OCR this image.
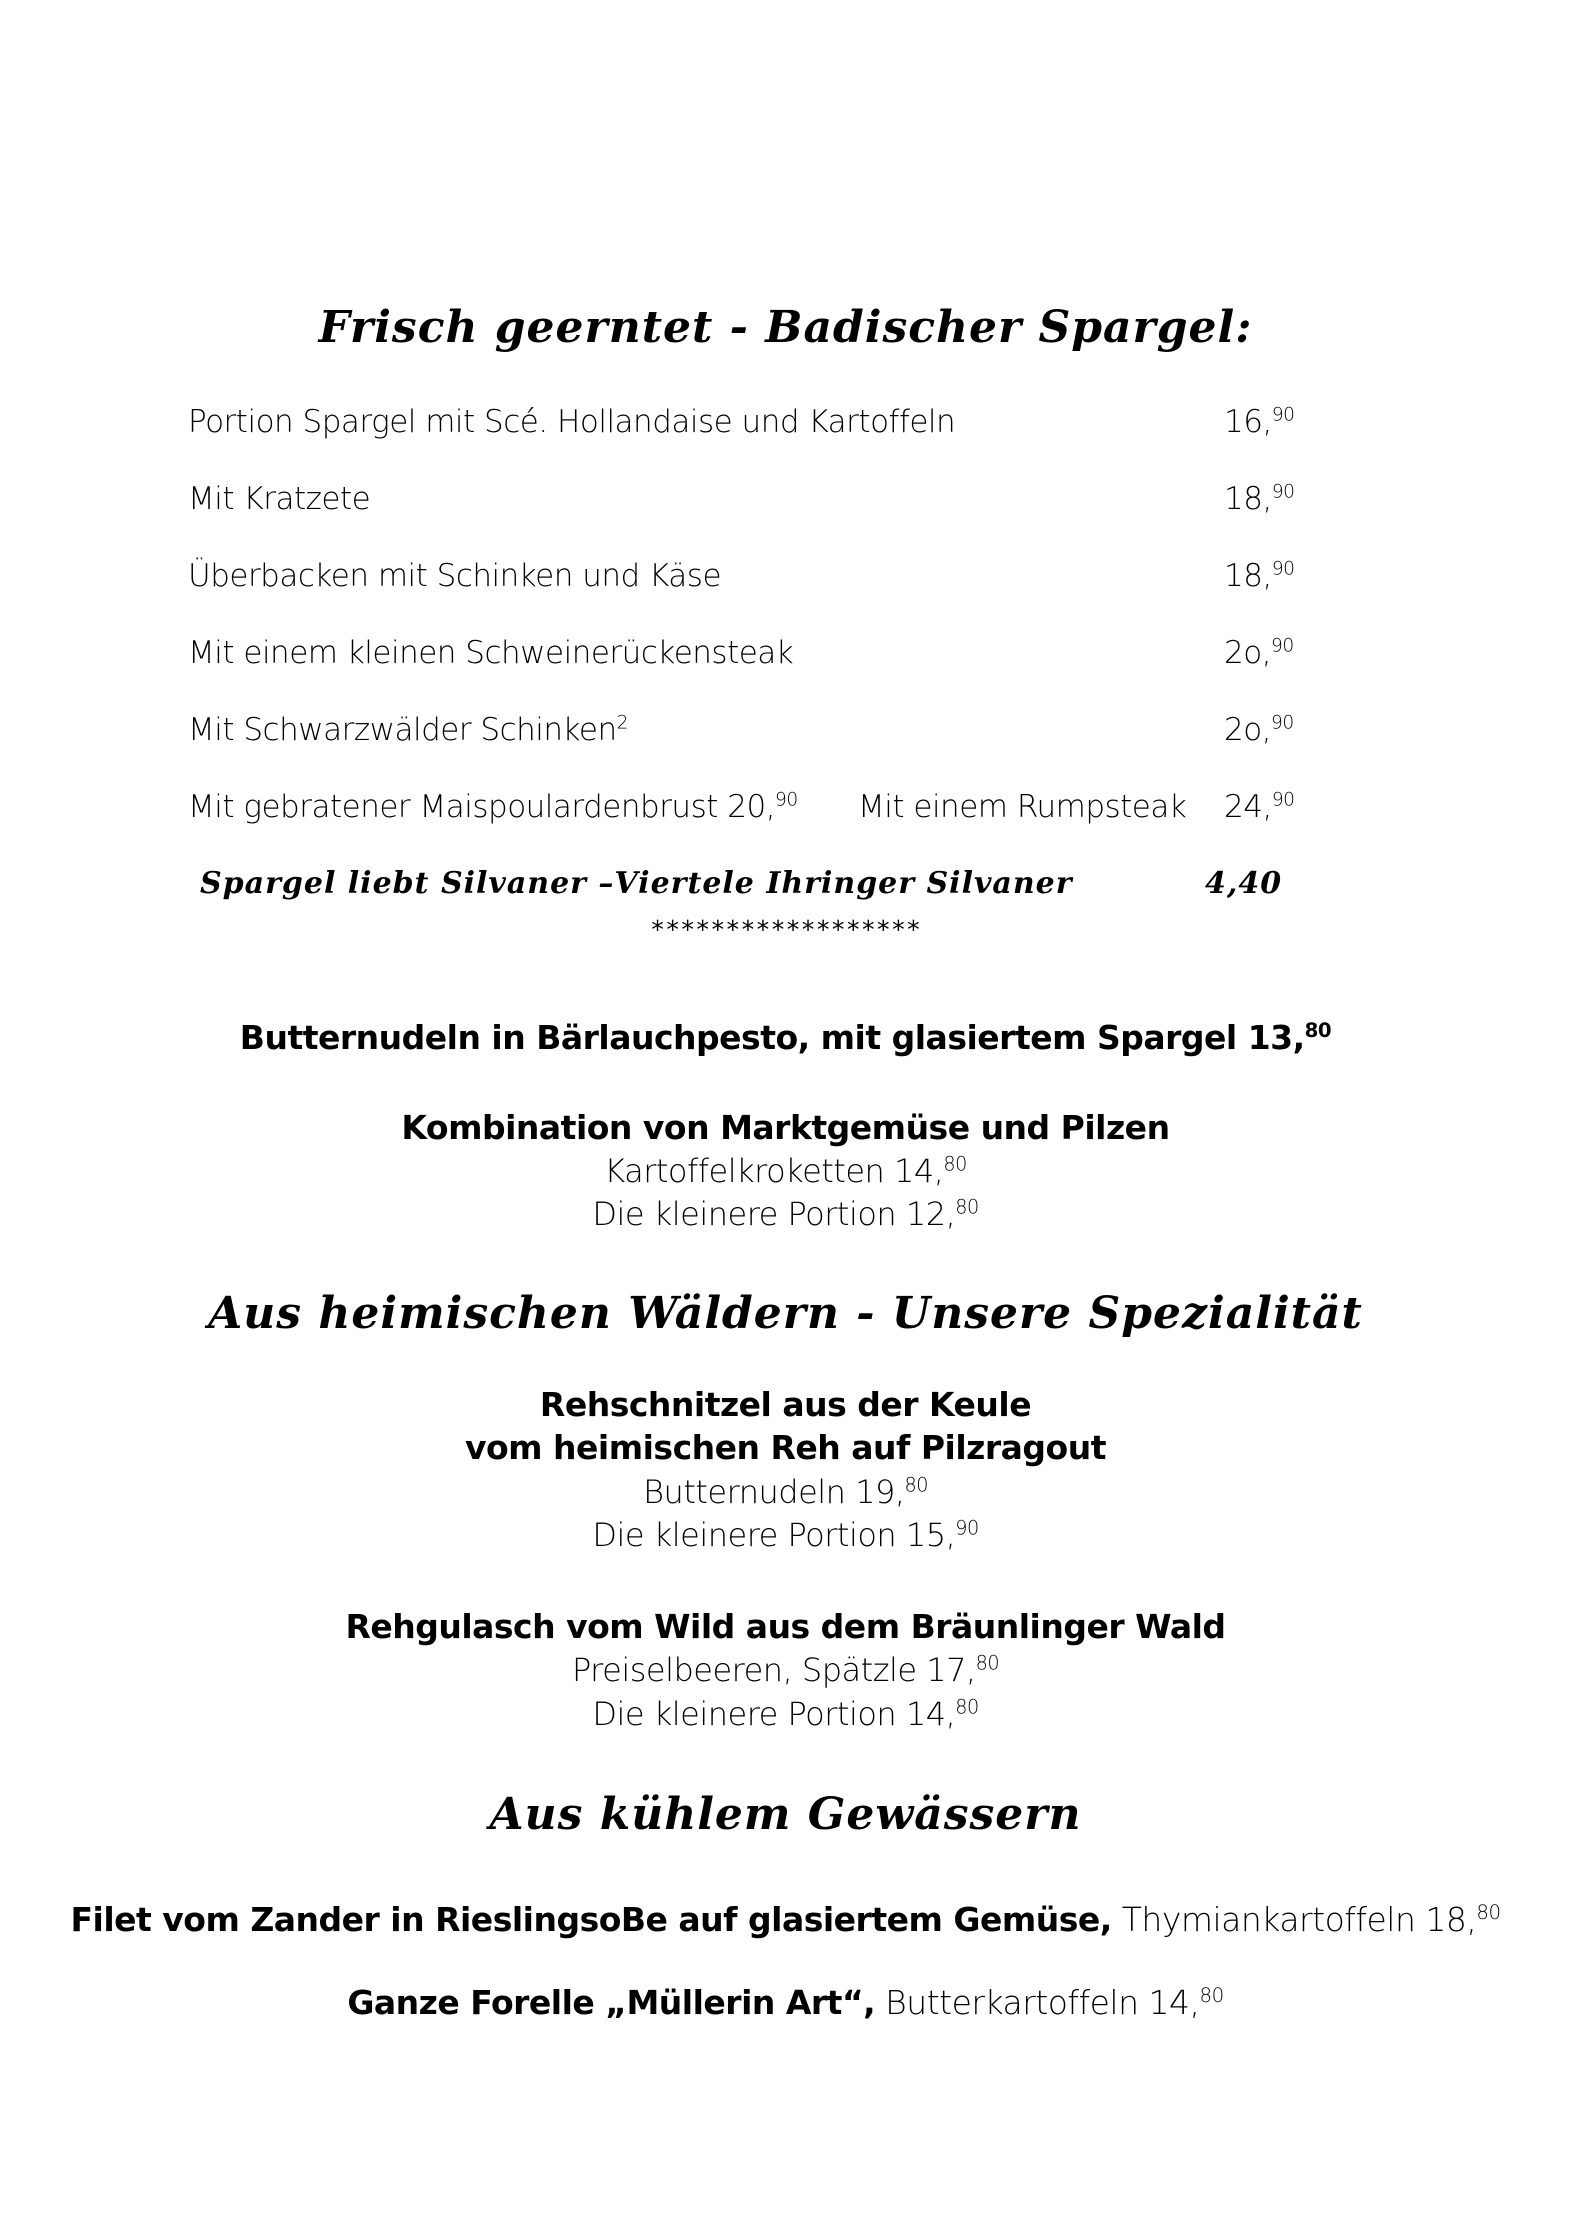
Frisch geerntet - Badischer Spargel:
Portion Spargel mit Scé. Hollandaise und Kartoffeln	16,90
Mit Kratzete	18,90
Überbacken mit Schinken und Käse	18,90
Mit einem kleinen Schweinerückensteak	2o,$^{90}$
Mit Schwarzwälder Schinken$^2$	2o,$^{90}$
Mit gebratener Maispoulardenbrust 20,90 Mit einem Rumpsteak 24,90
Spargel liebt Silvaner –Viertele Ihringer Silvaner	4,40
******************
Butternudeln in Bärlauchpesto, mit glasiertem Spargel 13,80
Kombination von Marktgemüse und Pilzen
Kartoffelkroketten 14,80
Die kleinere Portion 12,80
Aus heimischen Wäldern - Unsere Spezialität
Rehschnitzel aus der Keule
vom heimischen Reh auf Pilzragout
Butternudeln 19,80
Die kleinere Portion 15,90
Rehgulasch vom Wild aus dem Bräunlinger Wald
Preiselbeeren, Spätzle 17,80
Die kleinere Portion 14,80
Aus kühlem Gewässern
Filet vom Zander in RieslingsoBe auf glasiertem Gemüse, Thymiankartoffeln 18,80
Ganze Forelle „Müllerin Art“, Butterkartoffeln 14,80
